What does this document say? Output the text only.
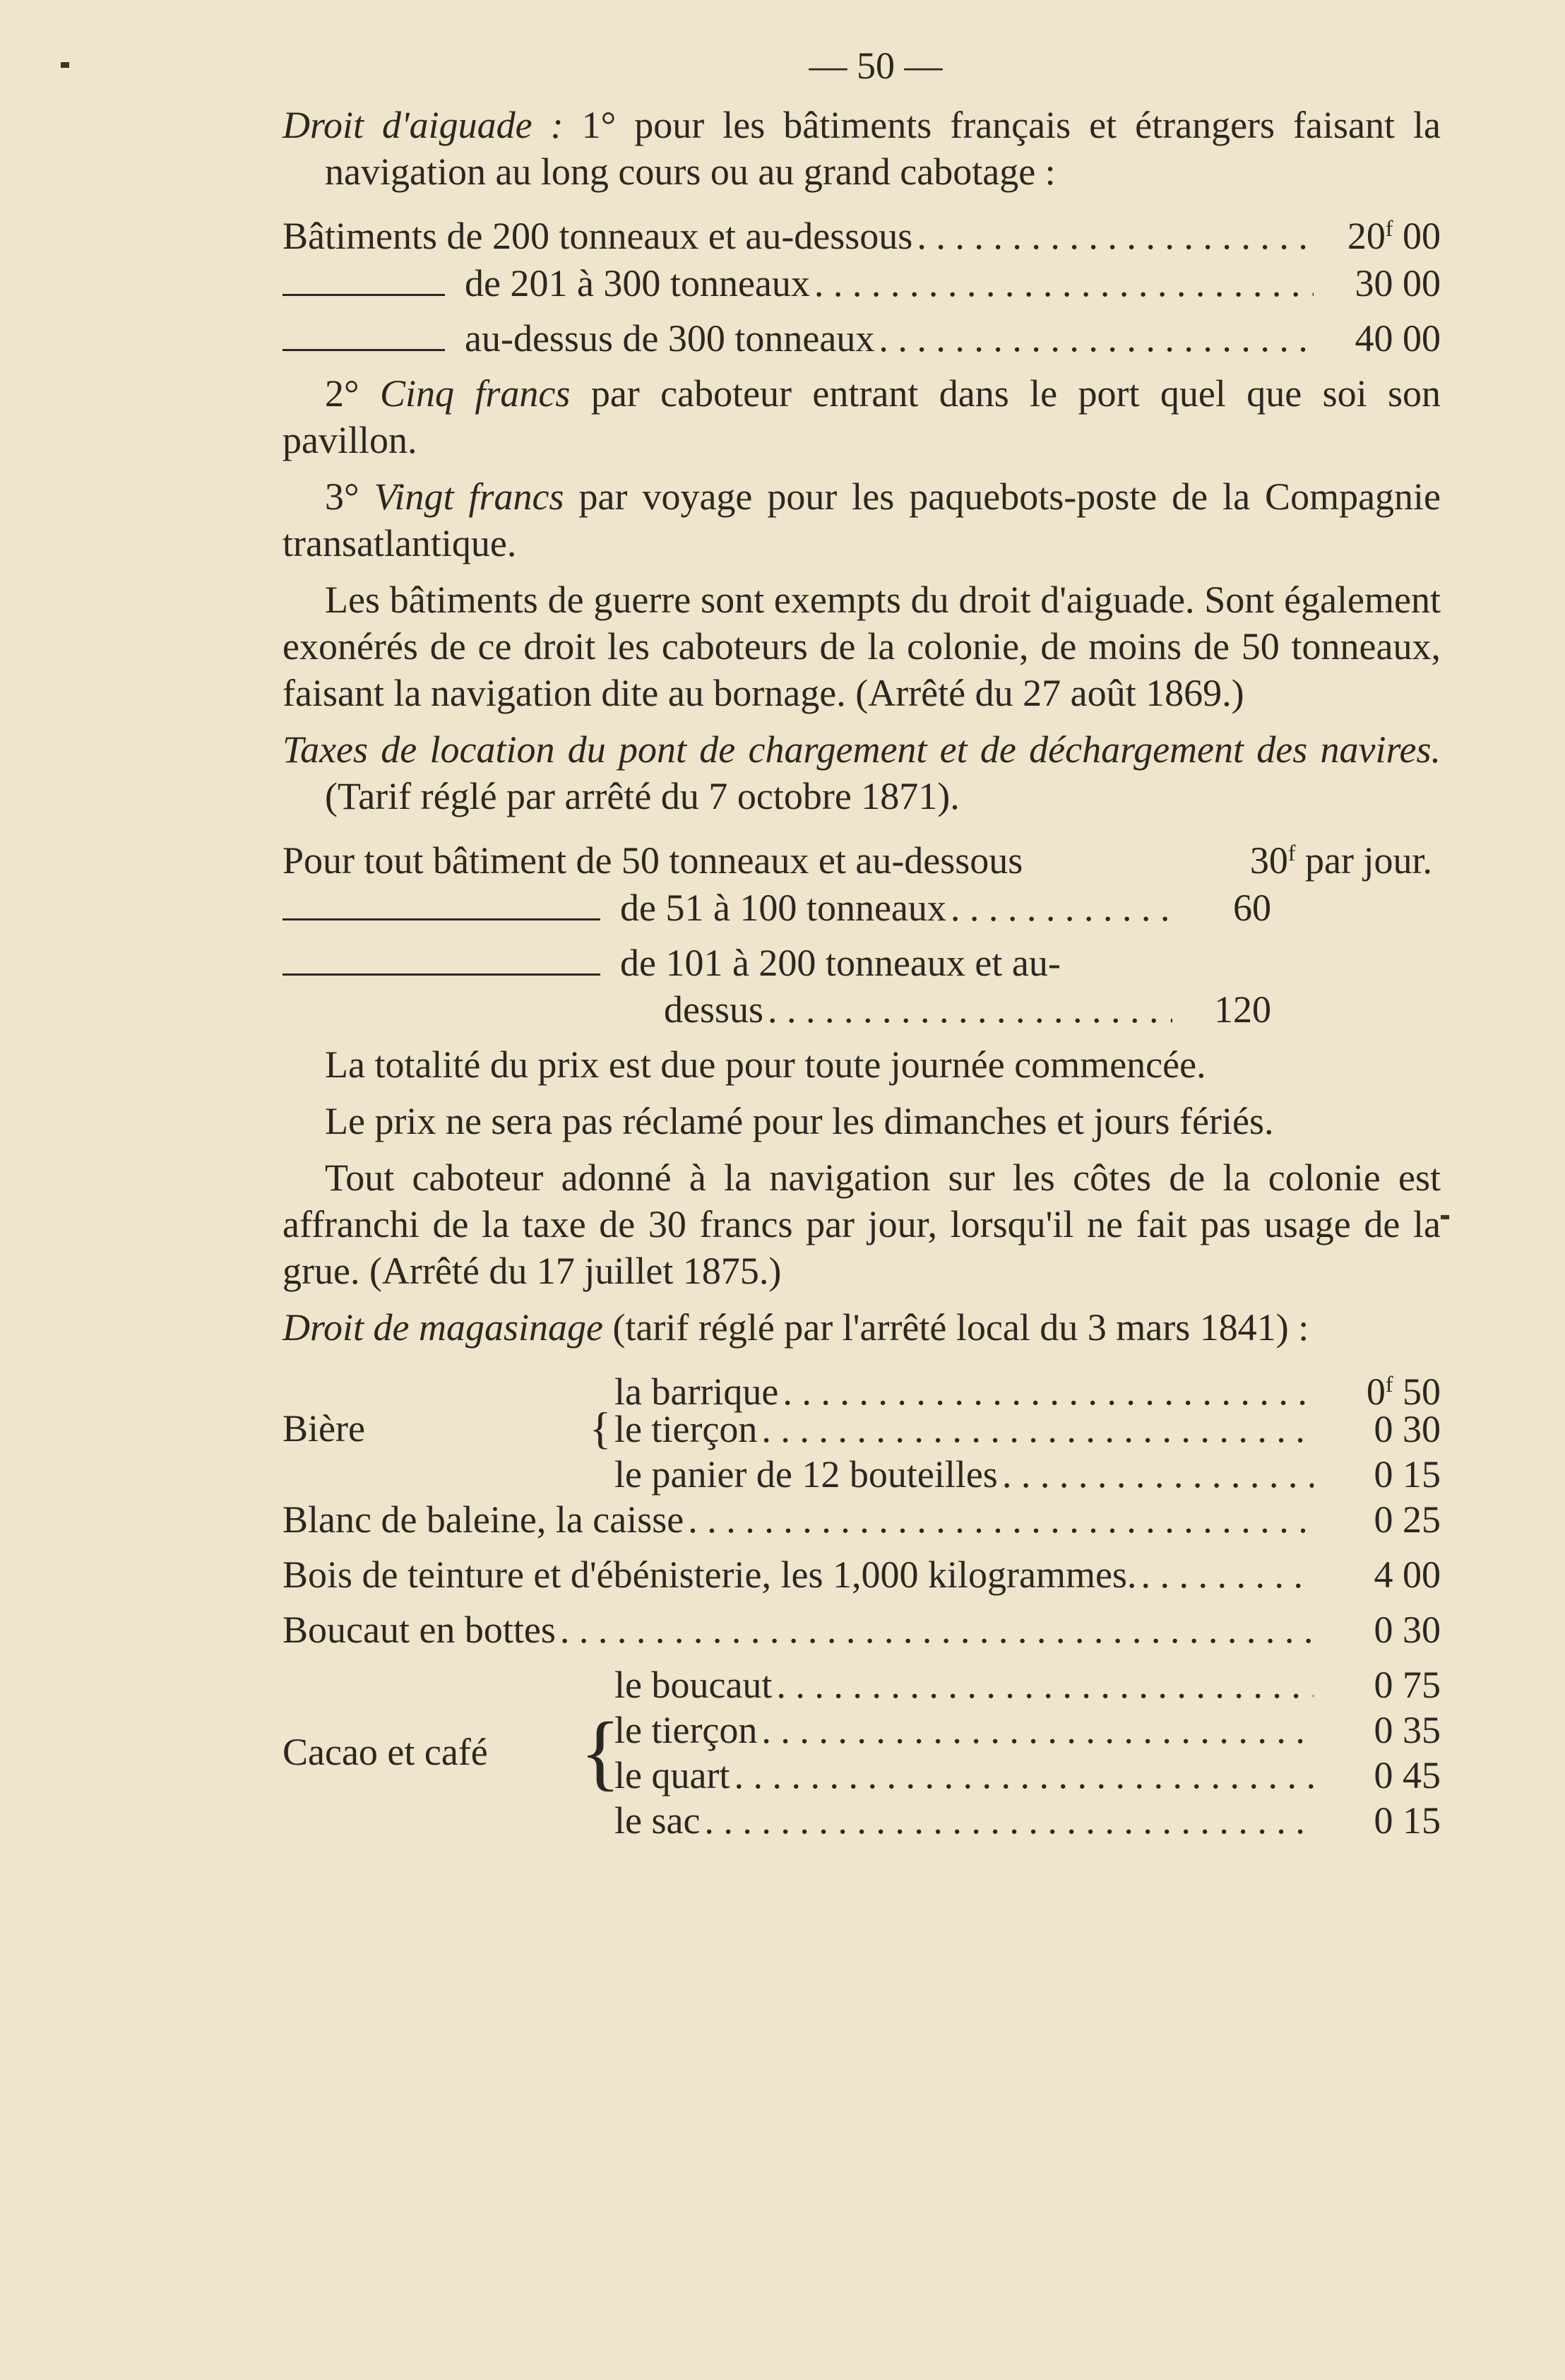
— 50 —

Droit d'aiguade : 1° pour les bâtiments français et étrangers faisant la navigation au long cours ou au grand cabotage :

Bâtiments de 200 tonneaux et au-dessous . . .	20$^f$ 00
de 201 à 300 tonneaux . . .	30 00
au-dessus de 300 tonneaux . . .	40 00

2° Cinq francs par caboteur entrant dans le port quel que soi son pavillon.

3° Vingt francs par voyage pour les paquebots-poste de la Compagnie transatlantique.

Les bâtiments de guerre sont exempts du droit d'aiguade. Sont également exonérés de ce droit les caboteurs de la colonie, de moins de 50 tonneaux, faisant la navigation dite au bornage. (Arrêté du 27 août 1869.)

Taxes de location du pont de chargement et de déchargement des navires. (Tarif réglé par arrêté du 7 octobre 1871).

Pour tout bâtiment de 50 tonneaux et au-dessous	30$^f$ par jour.
de 51 à 100 tonneaux . . .	60
de 101 à 200 tonneaux et au-
dessus . . .	120

La totalité du prix est due pour toute journée commencée.

Le prix ne sera pas réclamé pour les dimanches et jours fériés.

Tout caboteur adonné à la navigation sur les côtes de la colonie est affranchi de la taxe de 30 francs par jour, lorsqu'il ne fait pas usage de la grue. (Arrêté du 17 juillet 1875.)

Droit de magasinage (tarif réglé par l'arrêté local du 3 mars 1841) :

Bière	{
la barrique . . .	0$^f$ 50
le tierçon . . .	0 30
le panier de 12 bouteilles . . .	0 15
Blanc de baleine, la caisse . . .	0 25
Bois de teinture et d'ébénisterie, les 1,000 kilogrammes. . . .	4 00
Boucaut en bottes . . .	0 30
Cacao et café	{
le boucaut . . .	0 75
le tierçon . . .	0 35
le quart . . .	0 45
le sac . . .	0 15
